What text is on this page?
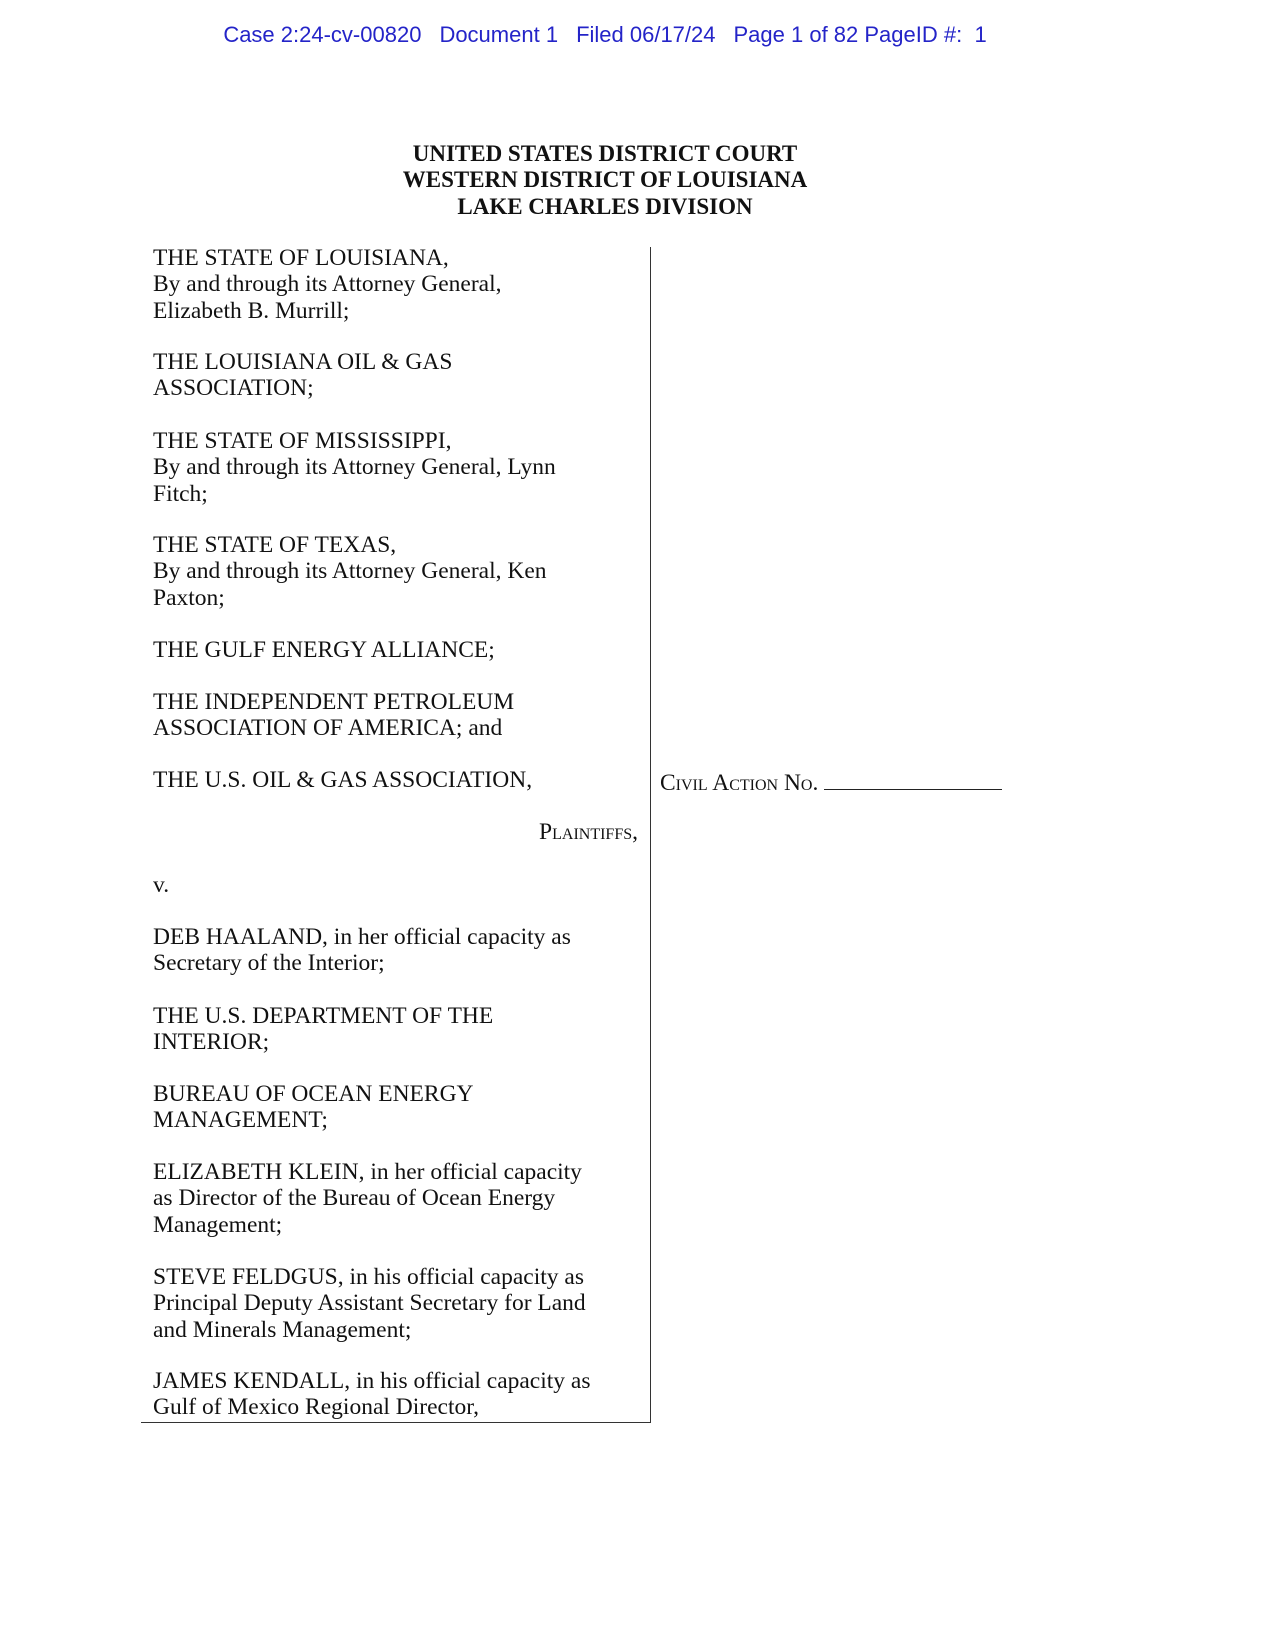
Case 2:24-cv-00820 Document 1 Filed 06/17/24 Page 1 of 82 PageID #:  1
UNITED STATES DISTRICT COURT
WESTERN DISTRICT OF LOUISIANA
LAKE CHARLES DIVISION
THE STATE OF LOUISIANA,
By and through its Attorney General,
Elizabeth B. Murrill;
THE LOUISIANA OIL & GAS
ASSOCIATION;
THE STATE OF MISSISSIPPI,
By and through its Attorney General, Lynn
Fitch;
THE STATE OF TEXAS,
By and through its Attorney General, Ken
Paxton;
THE GULF ENERGY ALLIANCE;
THE INDEPENDENT PETROLEUM
ASSOCIATION OF AMERICA; and
THE U.S. OIL & GAS ASSOCIATION,
v.
DEB HAALAND, in her official capacity as
Secretary of the Interior;
THE U.S. DEPARTMENT OF THE
INTERIOR;
BUREAU OF OCEAN ENERGY
MANAGEMENT;
ELIZABETH KLEIN, in her official capacity
as Director of the Bureau of Ocean Energy
Management;
STEVE FELDGUS, in his official capacity as
Principal Deputy Assistant Secretary for Land
and Minerals Management;
JAMES KENDALL, in his official capacity as
Gulf of Mexico Regional Director,
Plaintiffs,
Civil Action No.
